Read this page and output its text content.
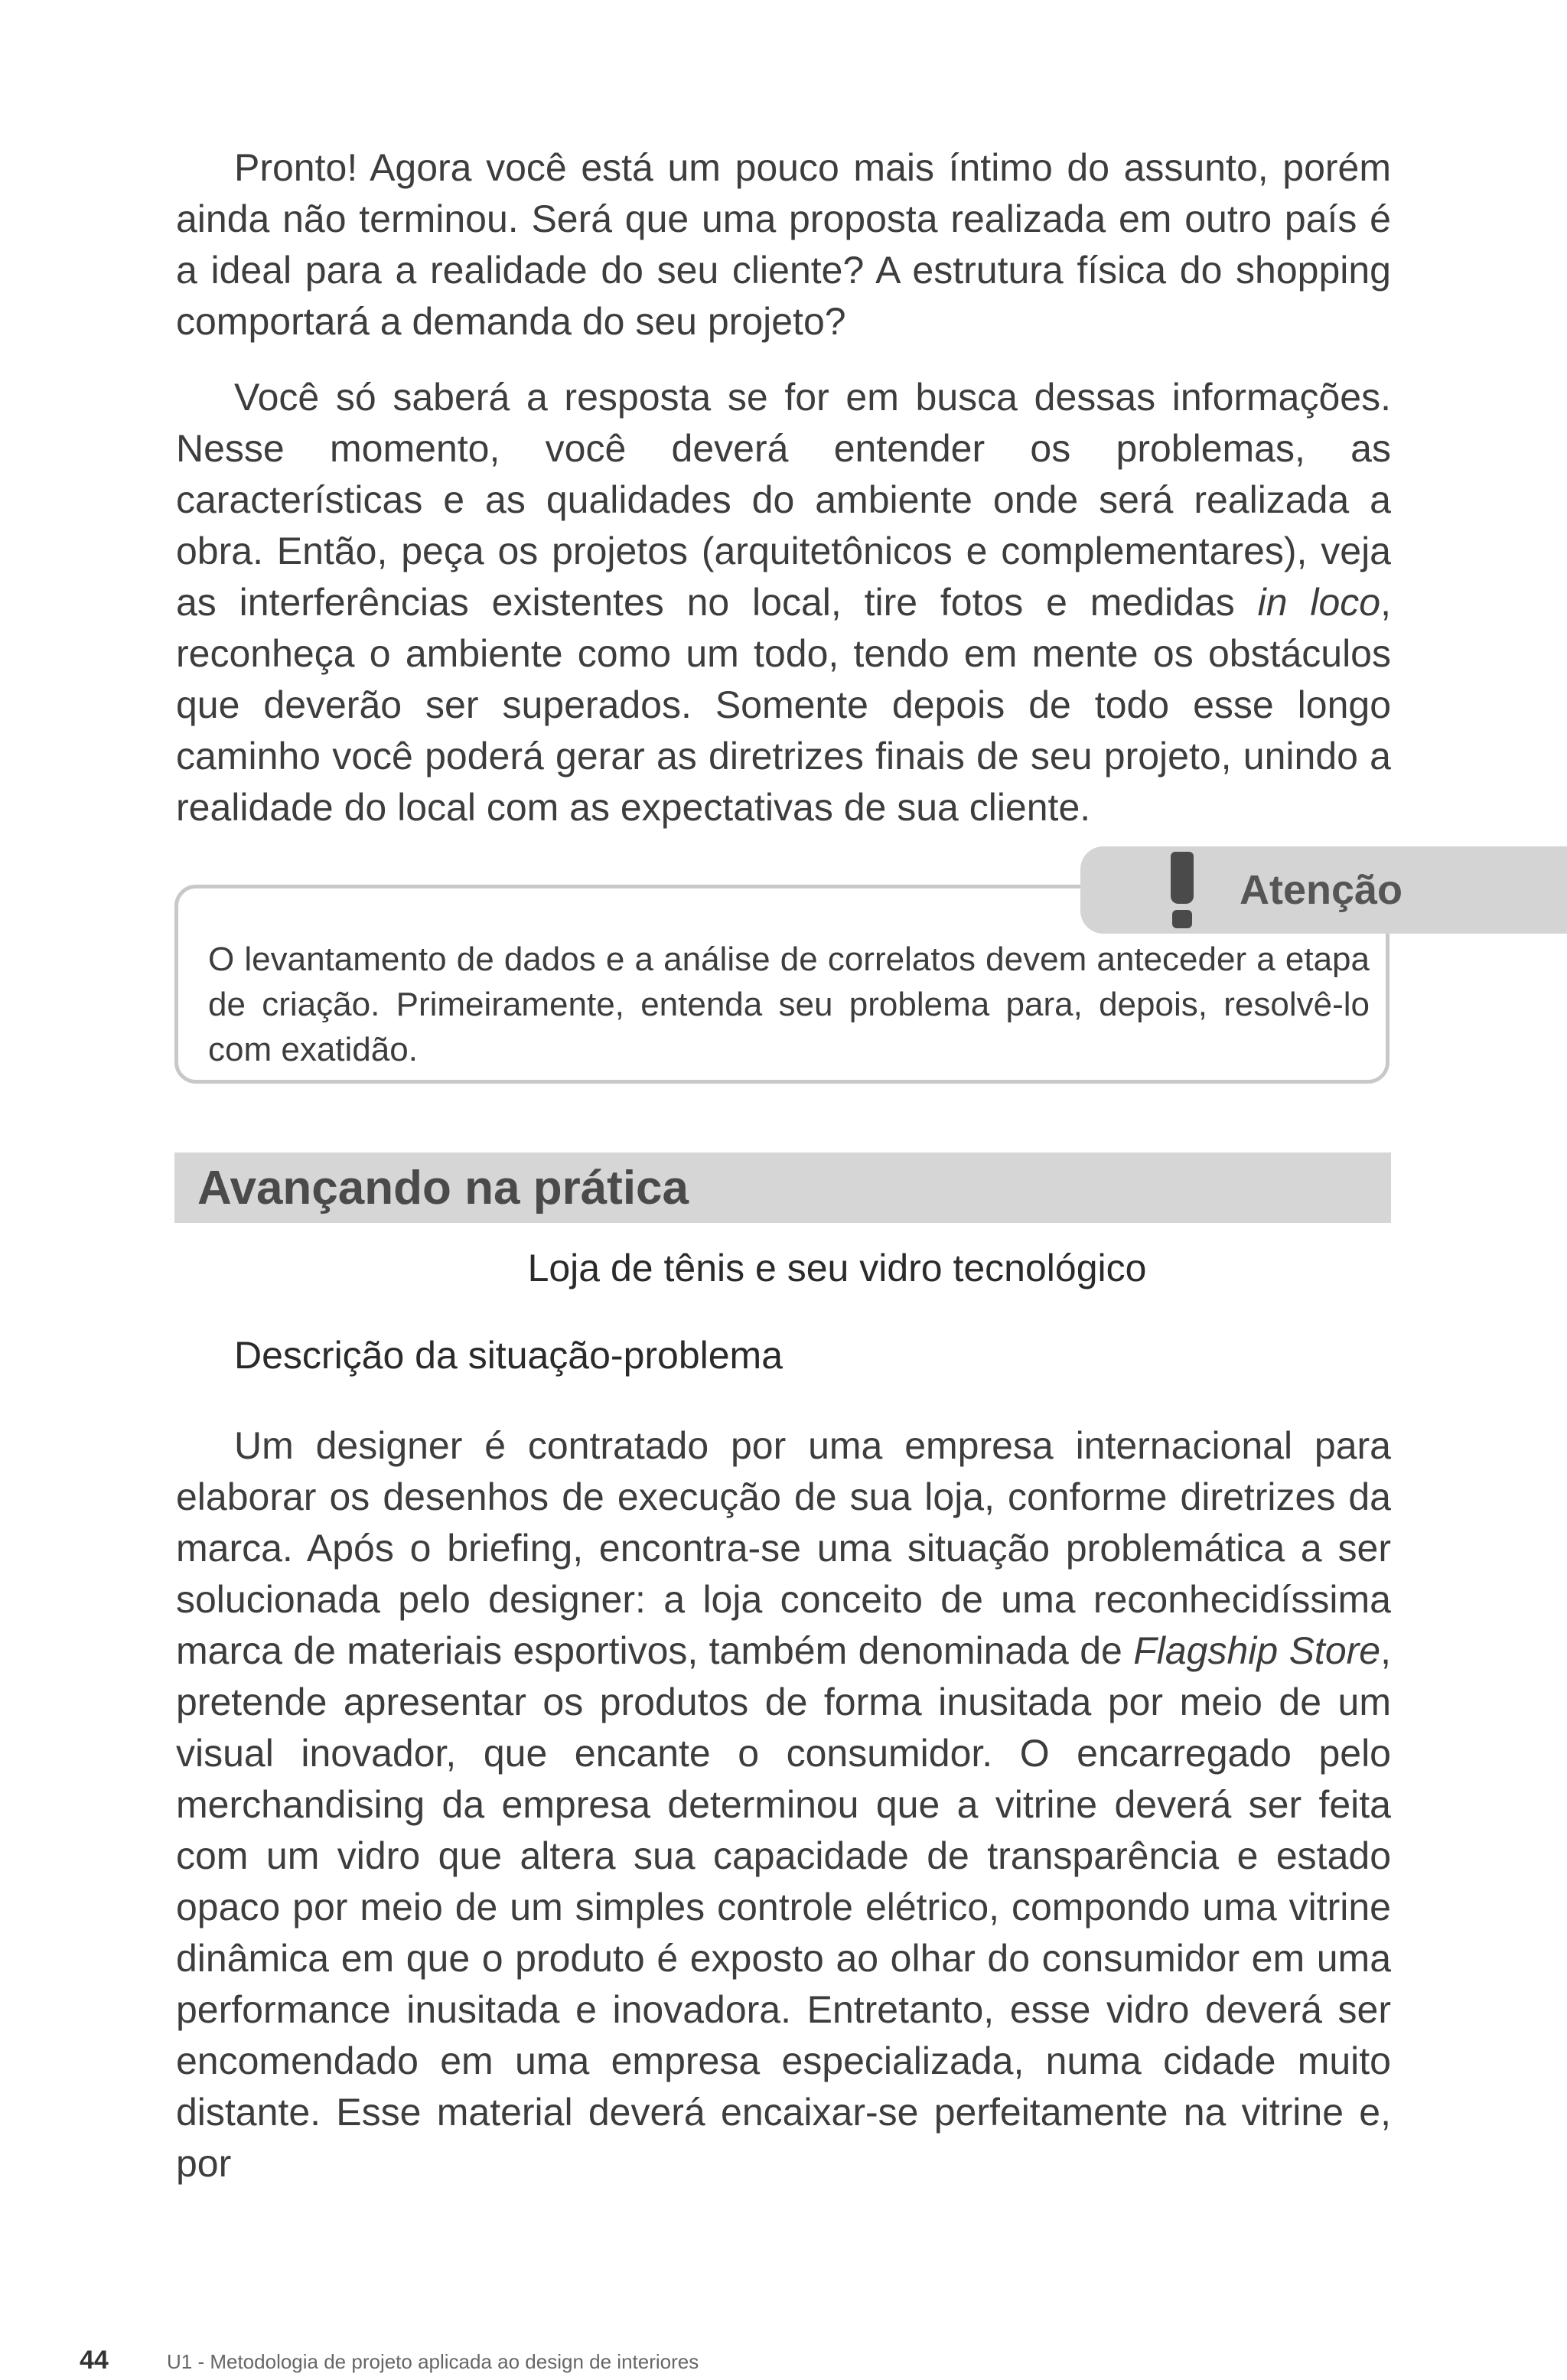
Pronto! Agora você está um pouco mais íntimo do assunto, porém ainda não terminou. Será que uma proposta realizada em outro país é a ideal para a realidade do seu cliente? A estrutura física do shopping comportará a demanda do seu projeto?

Você só saberá a resposta se for em busca dessas informações. Nesse momento, você deverá entender os problemas, as características e as qualidades do ambiente onde será realizada a obra. Então, peça os projetos (arquitetônicos e complementares), veja as interferências existentes no local, tire fotos e medidas in loco, reconheça o ambiente como um todo, tendo em mente os obstáculos que deverão ser superados. Somente depois de todo esse longo caminho você poderá gerar as diretrizes finais de seu projeto, unindo a realidade do local com as expectativas de sua cliente.

Atenção

O levantamento de dados e a análise de correlatos devem anteceder a etapa de criação. Primeiramente, entenda seu problema para, depois, resolvê-lo com exatidão.

Avançando na prática
Loja de tênis e seu vidro tecnológico
Descrição da situação-problema

Um designer é contratado por uma empresa internacional para elaborar os desenhos de execução de sua loja, conforme diretrizes da marca. Após o briefing, encontra-se uma situação problemática a ser solucionada pelo designer: a loja conceito de uma reconhecidíssima marca de materiais esportivos, também denominada de Flagship Store, pretende apresentar os produtos de forma inusitada por meio de um visual inovador, que encante o consumidor. O encarregado pelo merchandising da empresa determinou que a vitrine deverá ser feita com um vidro que altera sua capacidade de transparência e estado opaco por meio de um simples controle elétrico, compondo uma vitrine dinâmica em que o produto é exposto ao olhar do consumidor em uma performance inusitada e inovadora. Entretanto, esse vidro deverá ser encomendado em uma empresa especializada, numa cidade muito distante. Esse material deverá encaixar-se perfeitamente na vitrine e, por

44	U1 - Metodologia de projeto aplicada ao design de interiores
